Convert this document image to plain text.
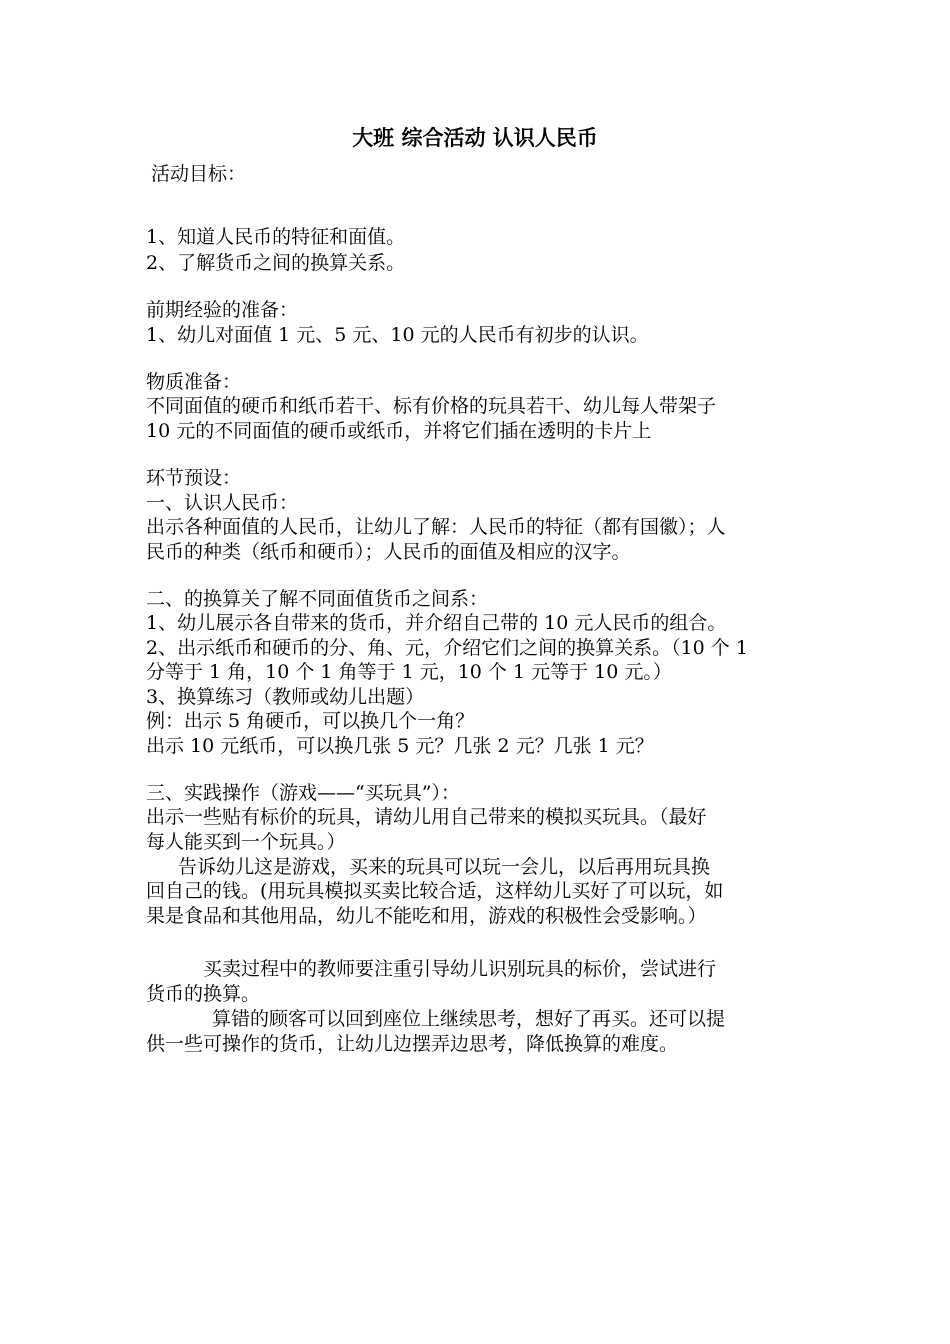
大班 综合活动 认识人民币
活动目标：
1、知道人民币的特征和面值。
2、了解货币之间的换算关系。
前期经验的准备：
1、幼儿对面值 1 元、5 元、10 元的人民币有初步的认识。
物质准备：
不同面值的硬币和纸币若干、标有价格的玩具若干、幼儿每人带架子
10 元的不同面值的硬币或纸币，并将它们插在透明的卡片上
环节预设：
一、认识人民币：
出示各种面值的人民币，让幼儿了解：人民币的特征（都有国徽）；人
民币的种类（纸币和硬币）；人民币的面值及相应的汉字。
二、的换算关了解不同面值货币之间系：
1、幼儿展示各自带来的货币，并介绍自己带的 10 元人民币的组合。
2、出示纸币和硬币的分、角、元，介绍它们之间的换算关系。（10 个 1
分等于 1 角，10 个 1 角等于 1 元，10 个 1 元等于 10 元。）
3、换算练习（教师或幼儿出题）
例：出示 5 角硬币，可以换几个一角？
出示 10 元纸币，可以换几张 5 元？几张 2 元？几张 1 元？
三、实践操作（游戏——“买玩具”）：
出示一些贴有标价的玩具，请幼儿用自己带来的模拟买玩具。（最好
每人能买到一个玩具。）
告诉幼儿这是游戏，买来的玩具可以玩一会儿，以后再用玩具换
回自己的钱。(用玩具模拟买卖比较合适，这样幼儿买好了可以玩，如
果是食品和其他用品，幼儿不能吃和用，游戏的积极性会受影响。）
买卖过程中的教师要注重引导幼儿识别玩具的标价，尝试进行
货币的换算。
算错的顾客可以回到座位上继续思考，想好了再买。还可以提
供一些可操作的货币，让幼儿边摆弄边思考，降低换算的难度。
